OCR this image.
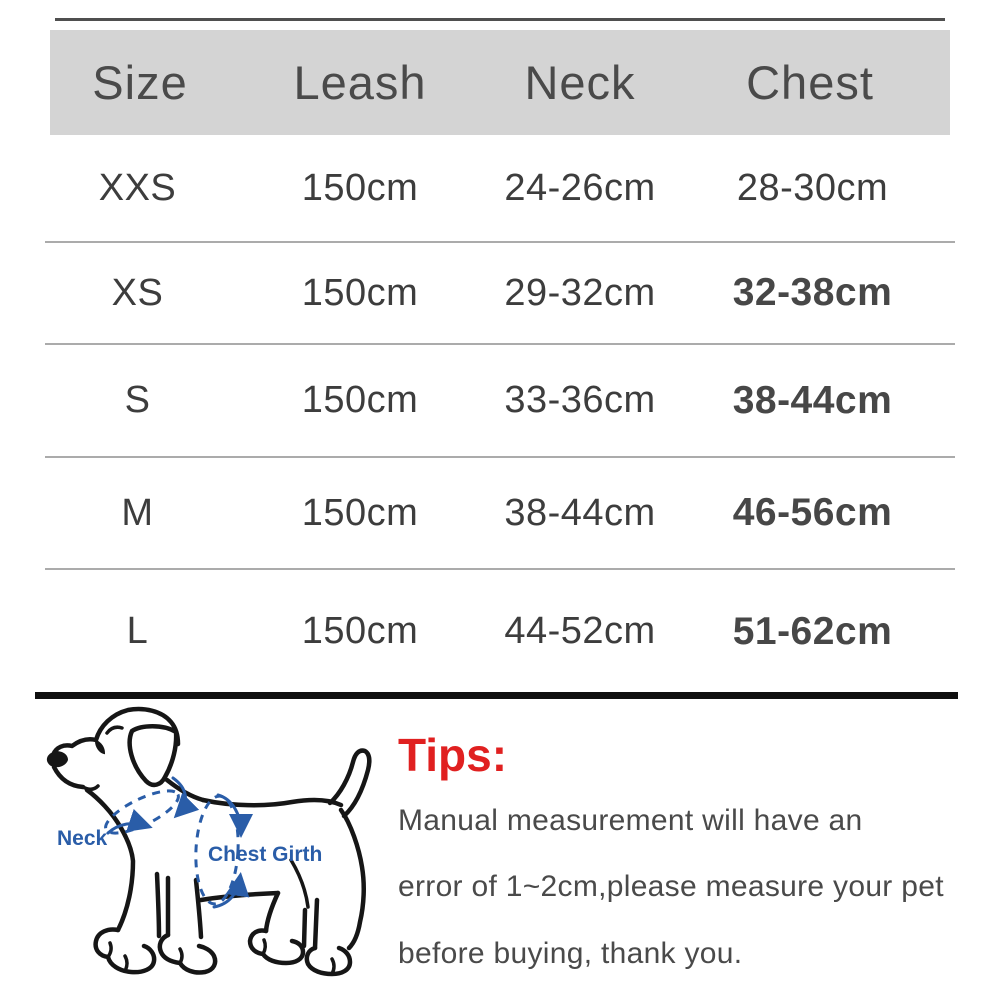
Size	Leash	Neck	Chest
XXS	150cm	24-26cm	28-30cm
XS	150cm	29-32cm	32-38cm
S	150cm	33-36cm	38-44cm
M	150cm	38-44cm	46-56cm
L	150cm	44-52cm	51-62cm
Neck
Chest Girth
Tips:
Manual measurement will have an
error of 1~2cm,please measure your pet
before buying, thank you.
